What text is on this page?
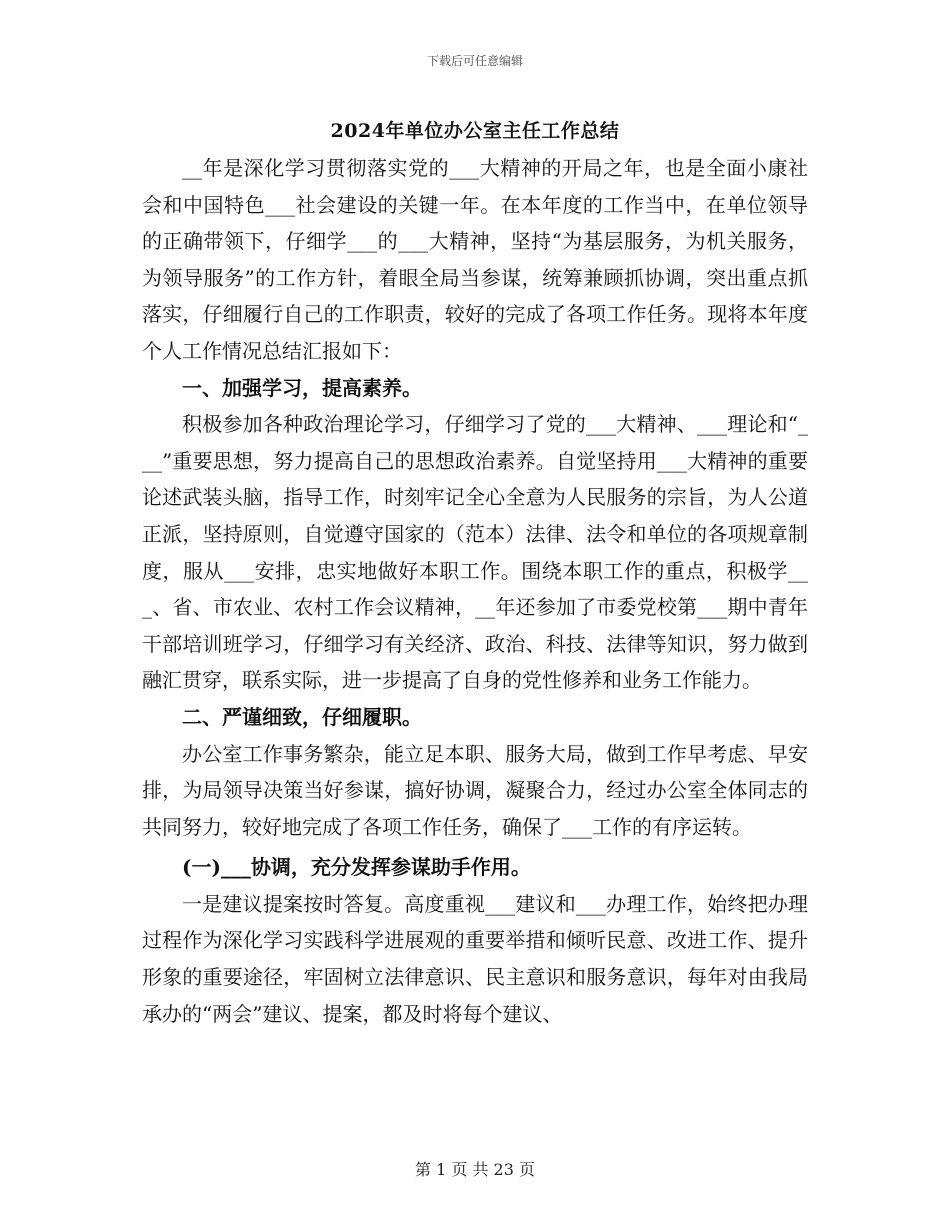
下载后可任意编辑
2024年单位办公室主任工作总结

__年是深化学习贯彻落实党的___大精神的开局之年，也是全面小康社会和中国特色___社会建设的关键一年。在本年度的工作当中，在单位领导的正确带领下，仔细学___的___大精神，坚持“为基层服务，为机关服务，为领导服务”的工作方针，着眼全局当参谋，统筹兼顾抓协调，突出重点抓落实，仔细履行自己的工作职责，较好的完成了各项工作任务。现将本年度个人工作情况总结汇报如下：

一、加强学习，提高素养。

积极参加各种政治理论学习，仔细学习了党的___大精神、___理论和“___”重要思想，努力提高自己的思想政治素养。自觉坚持用___大精神的重要论述武装头脑，指导工作，时刻牢记全心全意为人民服务的宗旨，为人公道正派，坚持原则，自觉遵守国家的（范本）法律、法令和单位的各项规章制度，服从___安排，忠实地做好本职工作。围绕本职工作的重点，积极学___、省、市农业、农村工作会议精神，__年还参加了市委党校第___期中青年干部培训班学习，仔细学习有关经济、政治、科技、法律等知识，努力做到融汇贯穿，联系实际，进一步提高了自身的党性修养和业务工作能力。

二、严谨细致，仔细履职。

办公室工作事务繁杂，能立足本职、服务大局，做到工作早考虑、早安排，为局领导决策当好参谋，搞好协调，凝聚合力，经过办公室全体同志的共同努力，较好地完成了各项工作任务，确保了___工作的有序运转。

(一)___协调，充分发挥参谋助手作用。

一是建议提案按时答复。高度重视___建议和___办理工作，始终把办理过程作为深化学习实践科学进展观的重要举措和倾听民意、改进工作、提升形象的重要途径，牢固树立法律意识、民主意识和服务意识，每年对由我局承办的“两会”建议、提案，都及时将每个建议、

第 1 页 共 23 页
